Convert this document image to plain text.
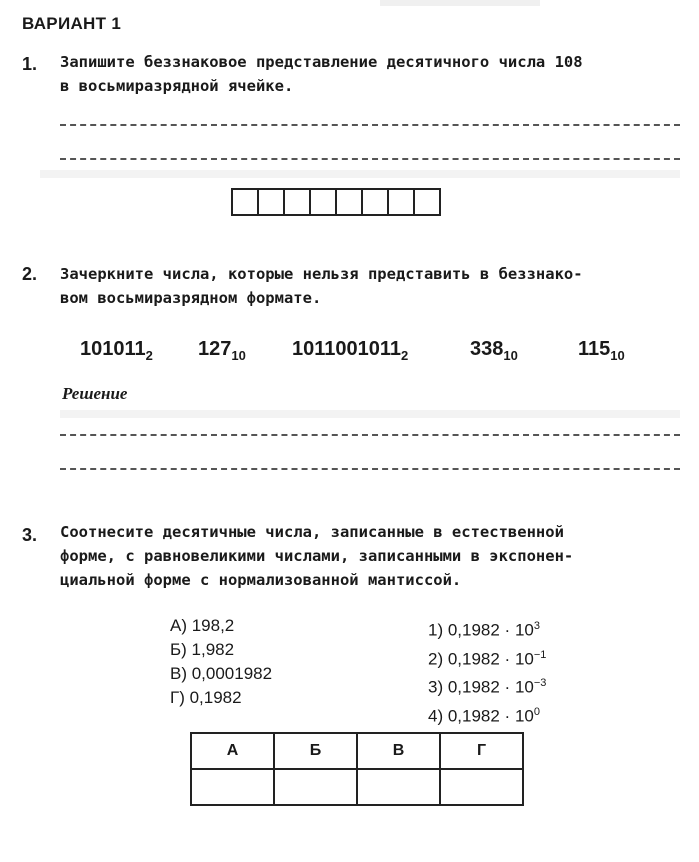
ВАРИАНТ 1
1. Запишите беззнаковое представление десятичного числа 108
в восьмиразрядной ячейке.
2. Зачеркните числа, которые нельзя представить в беззнако-
вом восьмиразрядном формате.
$101011_2$ $127_{10}$ $1011001011_2$	$338_{10}$	$115_{10}$
Решение
3. Соотнесите десятичные числа, записанные в естественной
форме, с равновеликими числами, записанными в экспонен-
циальной форме с нормализованной мантиссой.
А) 198,2
Б) 1,982
В) 0,0001982
Г) 0,1982
1) $0,1982 \cdot 10^3$
2) $0,1982 \cdot 10^{-1}$
3) $0,1982 \cdot 10^{-3}$
4) $0,1982 \cdot 10^0$
А	Б	В	Г
